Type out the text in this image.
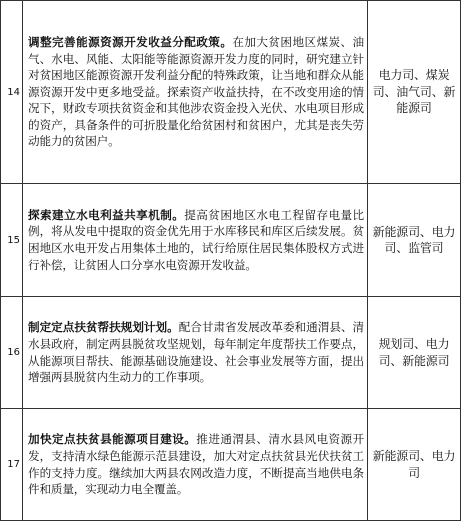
14	调整完善能源资源开发收益分配政策。在加大贫困地区煤炭、油气、水电、风能、太阳能等能源资源开发力度的同时，研究建立针对贫困地区能源资源开发利益分配的特殊政策，让当地和群众从能源资源开发中更多地受益。探索资产收益扶持，在不改变用途的情况下，财政专项扶贫资金和其他涉农资金投入光伏、水电项目形成的资产，具备条件的可折股量化给贫困村和贫困户，尤其是丧失劳动能力的贫困户。	电力司、煤炭司、油气司、新能源司
15	探索建立水电利益共享机制。提高贫困地区水电工程留存电量比例，将从发电中提取的资金优先用于水库移民和库区后续发展。贫困地区水电开发占用集体土地的，试行给原住居民集体股权方式进行补偿，让贫困人口分享水电资源开发收益。	新能源司、电力司、监管司
16	制定定点扶贫帮扶规划计划。配合甘肃省发展改革委和通渭县、清水县政府，制定两县脱贫攻坚规划，每年制定年度帮扶工作要点，从能源项目帮扶、能源基础设施建设、社会事业发展等方面，提出增强两县脱贫内生动力的工作事项。	规划司、电力司、新能源司
17	加快定点扶贫县能源项目建设。推进通渭县、清水县风电资源开发，支持清水绿色能源示范县建设，加大对定点扶贫县光伏扶贫工作的支持力度。继续加大两县农网改造力度，不断提高当地供电条件和质量，实现动力电全覆盖。	新能源司、电力司
